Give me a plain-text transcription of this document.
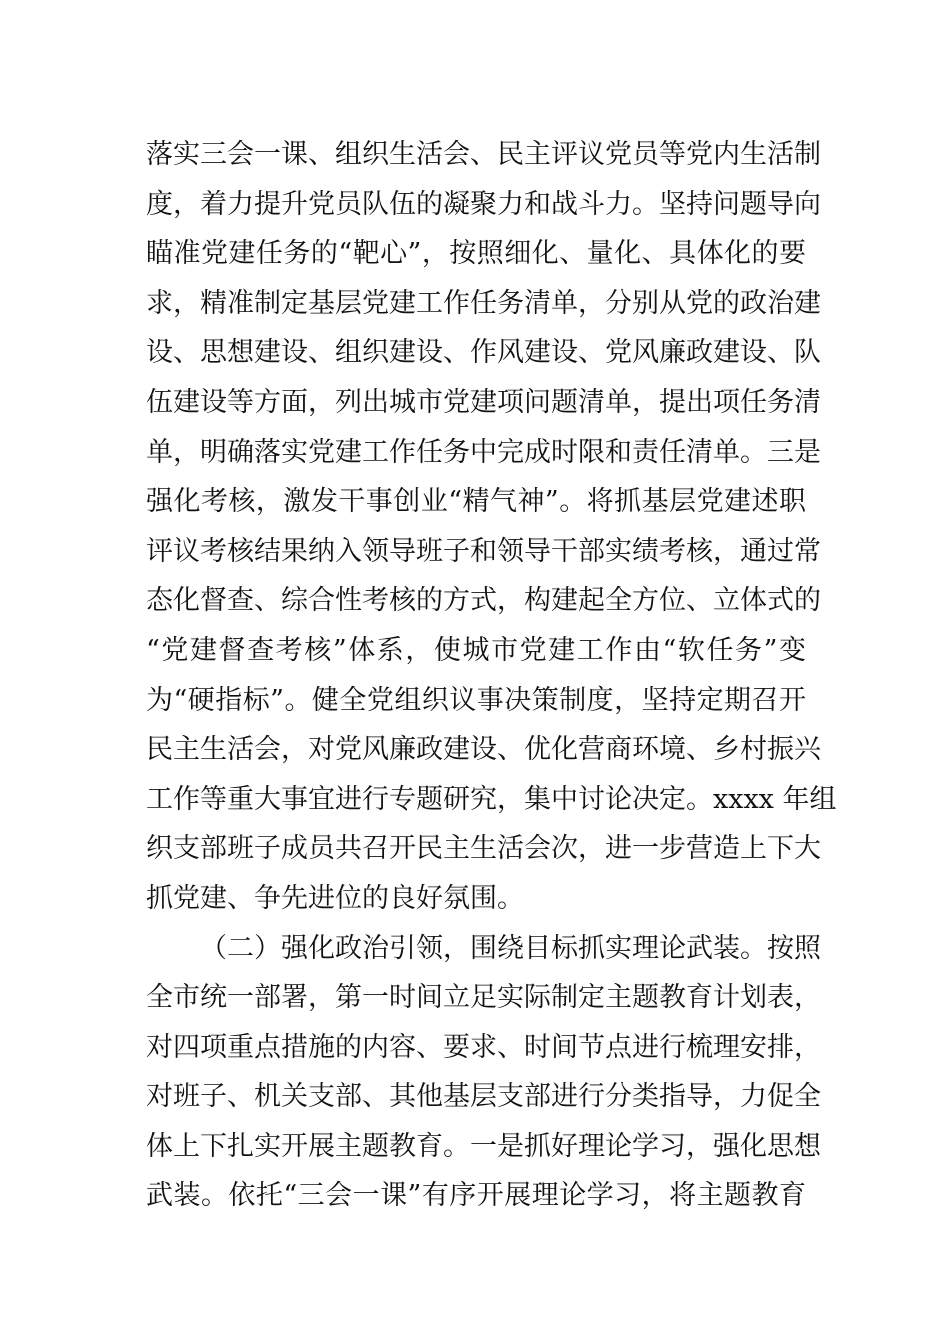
落实三会一课、组织生活会、民主评议党员等党内生活制
度，着力提升党员队伍的凝聚力和战斗力。坚持问题导向
瞄准党建任务的“靶心”，按照细化、量化、具体化的要
求，精准制定基层党建工作任务清单，分别从党的政治建
设、思想建设、组织建设、作风建设、党风廉政建设、队
伍建设等方面，列出城市党建项问题清单，提出项任务清
单，明确落实党建工作任务中完成时限和责任清单。三是
强化考核，激发干事创业“精气神”。将抓基层党建述职
评议考核结果纳入领导班子和领导干部实绩考核，通过常
态化督查、综合性考核的方式，构建起全方位、立体式的
“党建督查考核”体系，使城市党建工作由“软任务”变
为“硬指标”。健全党组织议事决策制度，坚持定期召开
民主生活会，对党风廉政建设、优化营商环境、乡村振兴
工作等重大事宜进行专题研究，集中讨论决定。xxxx 年组
织支部班子成员共召开民主生活会次，进一步营造上下大
抓党建、争先进位的良好氛围。
（二）强化政治引领，围绕目标抓实理论武装。按照
全市统一部署，第一时间立足实际制定主题教育计划表，
对四项重点措施的内容、要求、时间节点进行梳理安排，
对班子、机关支部、其他基层支部进行分类指导，力促全
体上下扎实开展主题教育。一是抓好理论学习，强化思想
武装。依托“三会一课”有序开展理论学习，将主题教育
